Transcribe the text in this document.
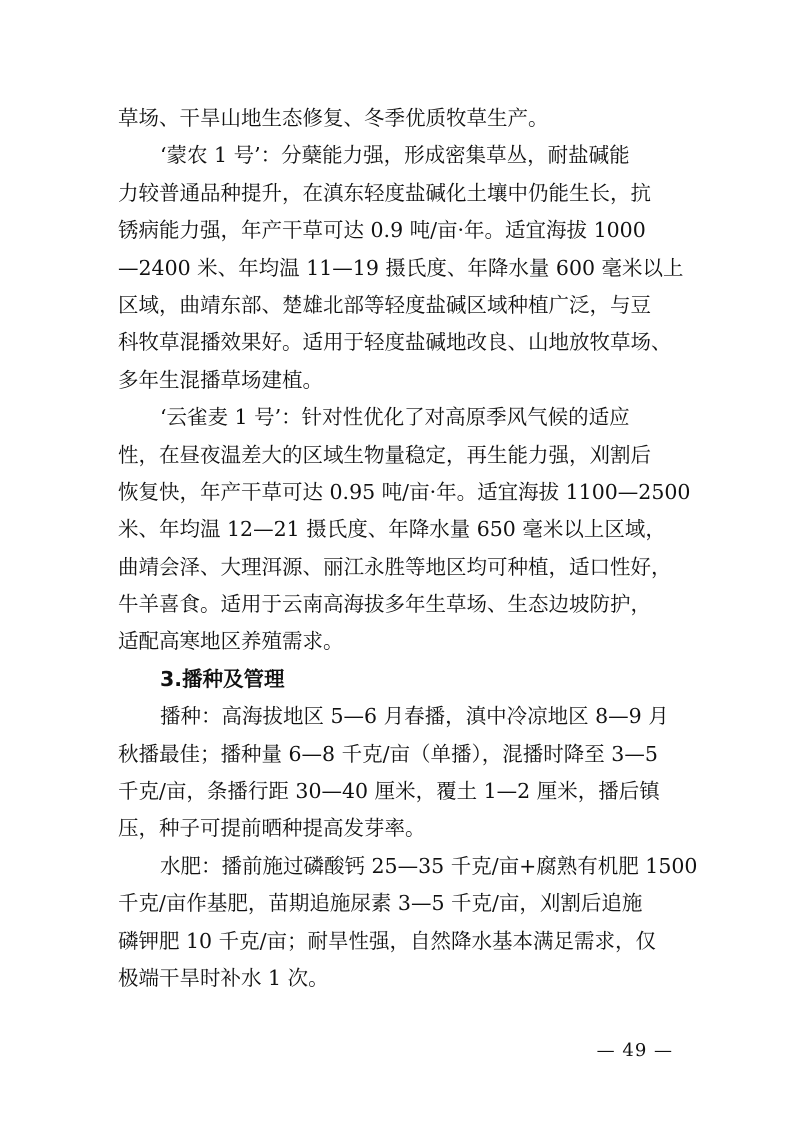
草场、干旱山地生态修复、冬季优质牧草生产。
‘蒙农 1 号’：分蘖能力强，形成密集草丛，耐盐碱能
力较普通品种提升，在滇东轻度盐碱化土壤中仍能生长，抗
锈病能力强，年产干草可达 0.9 吨/亩·年。适宜海拔 1000
—2400 米、年均温 11—19 摄氏度、年降水量 600 毫米以上
区域，曲靖东部、楚雄北部等轻度盐碱区域种植广泛，与豆
科牧草混播效果好。适用于轻度盐碱地改良、山地放牧草场、
多年生混播草场建植。
‘云雀麦 1 号’：针对性优化了对高原季风气候的适应
性，在昼夜温差大的区域生物量稳定，再生能力强，刈割后
恢复快，年产干草可达 0.95 吨/亩·年。适宜海拔 1100—2500
米、年均温 12—21 摄氏度、年降水量 650 毫米以上区域，
曲靖会泽、大理洱源、丽江永胜等地区均可种植，适口性好，
牛羊喜食。适用于云南高海拔多年生草场、生态边坡防护，
适配高寒地区养殖需求。
3.播种及管理
播种：高海拔地区 5—6 月春播，滇中冷凉地区 8—9 月
秋播最佳；播种量 6—8 千克/亩（单播），混播时降至 3—5
千克/亩，条播行距 30—40 厘米，覆土 1—2 厘米，播后镇
压，种子可提前晒种提高发芽率。
水肥：播前施过磷酸钙 25—35 千克/亩+腐熟有机肥 1500
千克/亩作基肥，苗期追施尿素 3—5 千克/亩，刈割后追施
磷钾肥 10 千克/亩；耐旱性强，自然降水基本满足需求，仅
极端干旱时补水 1 次。
— 49 —
